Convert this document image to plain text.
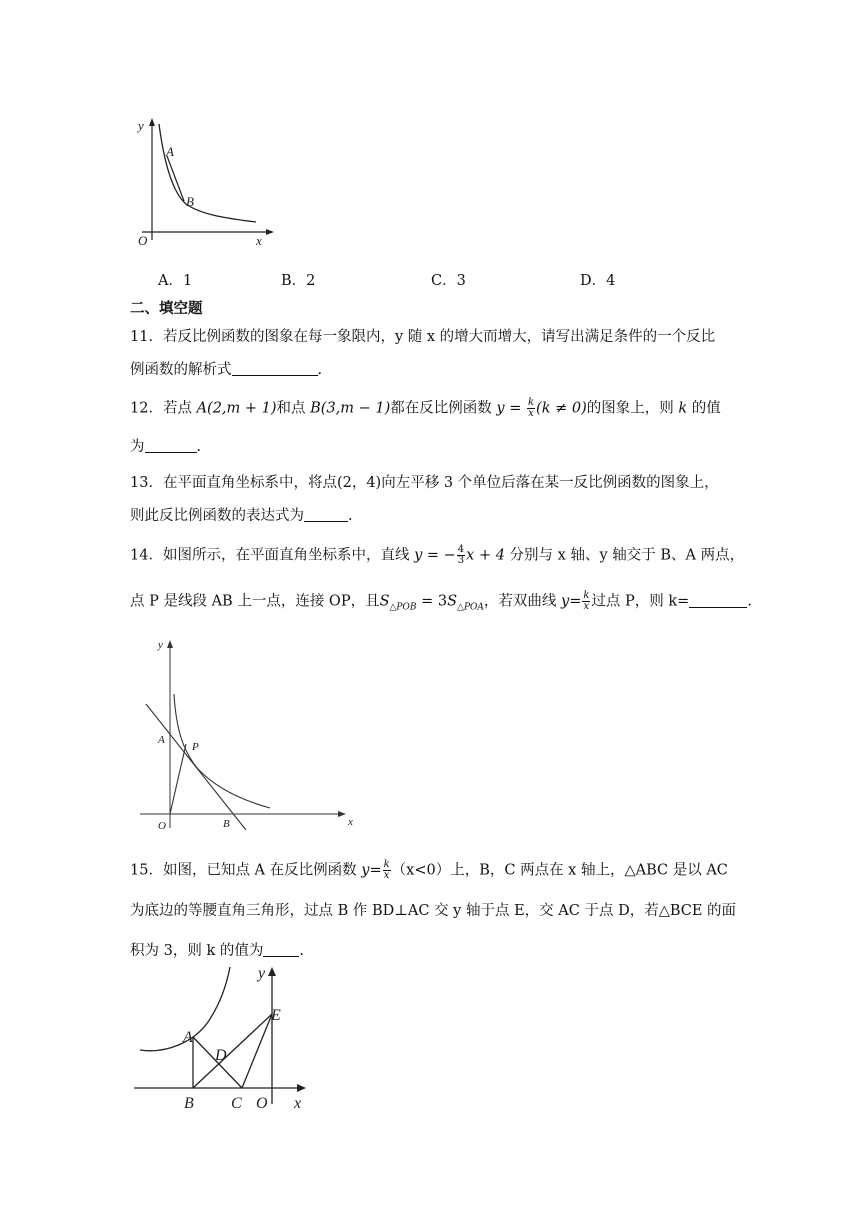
y
x
O
A
B
A．1	B．2	C．3	D．4
二、填空题
11．若反比例函数的图象在每一象限内，y 随 x 的增大而增大，请写出满足条件的一个反比
例函数的解析式	.
12．若点 A(2,m + 1)和点 B(3,m − 1)都在反比例函数 $y = \frac{k}{x} (k \ne 0)$的图象上，则 k 的值
为	.
13．在平面直角坐标系中，将点(2，4)向左平移 3 个单位后落在某一反比例函数的图象上，
则此反比例函数的表达式为	.
14．如图所示，在平面直角坐标系中，直线 y = − $\frac{4}{3}$ x + 4 分别与 x 轴、y 轴交于 B、A 两点，
点 P 是线段 AB 上一点，连接 OP，且$S_{\triangle POB} = 3S_{\triangle POA}$，若双曲线 $y= \frac{k}{x}$ 过点 P，则 k=	.
y
x
O
A
B
P
15．如图，已知点 A 在反比例函数 $y= \frac{k}{x} (x<0)$上，B，C 两点在 x 轴上，△ABC 是以 AC
为底边的等腰直角三角形，过点 B 作 BD⊥AC 交 y 轴于点 E，交 AC 于点 D，若△BCE 的面
积为 3，则 k 的值为 .
y
x
O
A
B C
D
E
